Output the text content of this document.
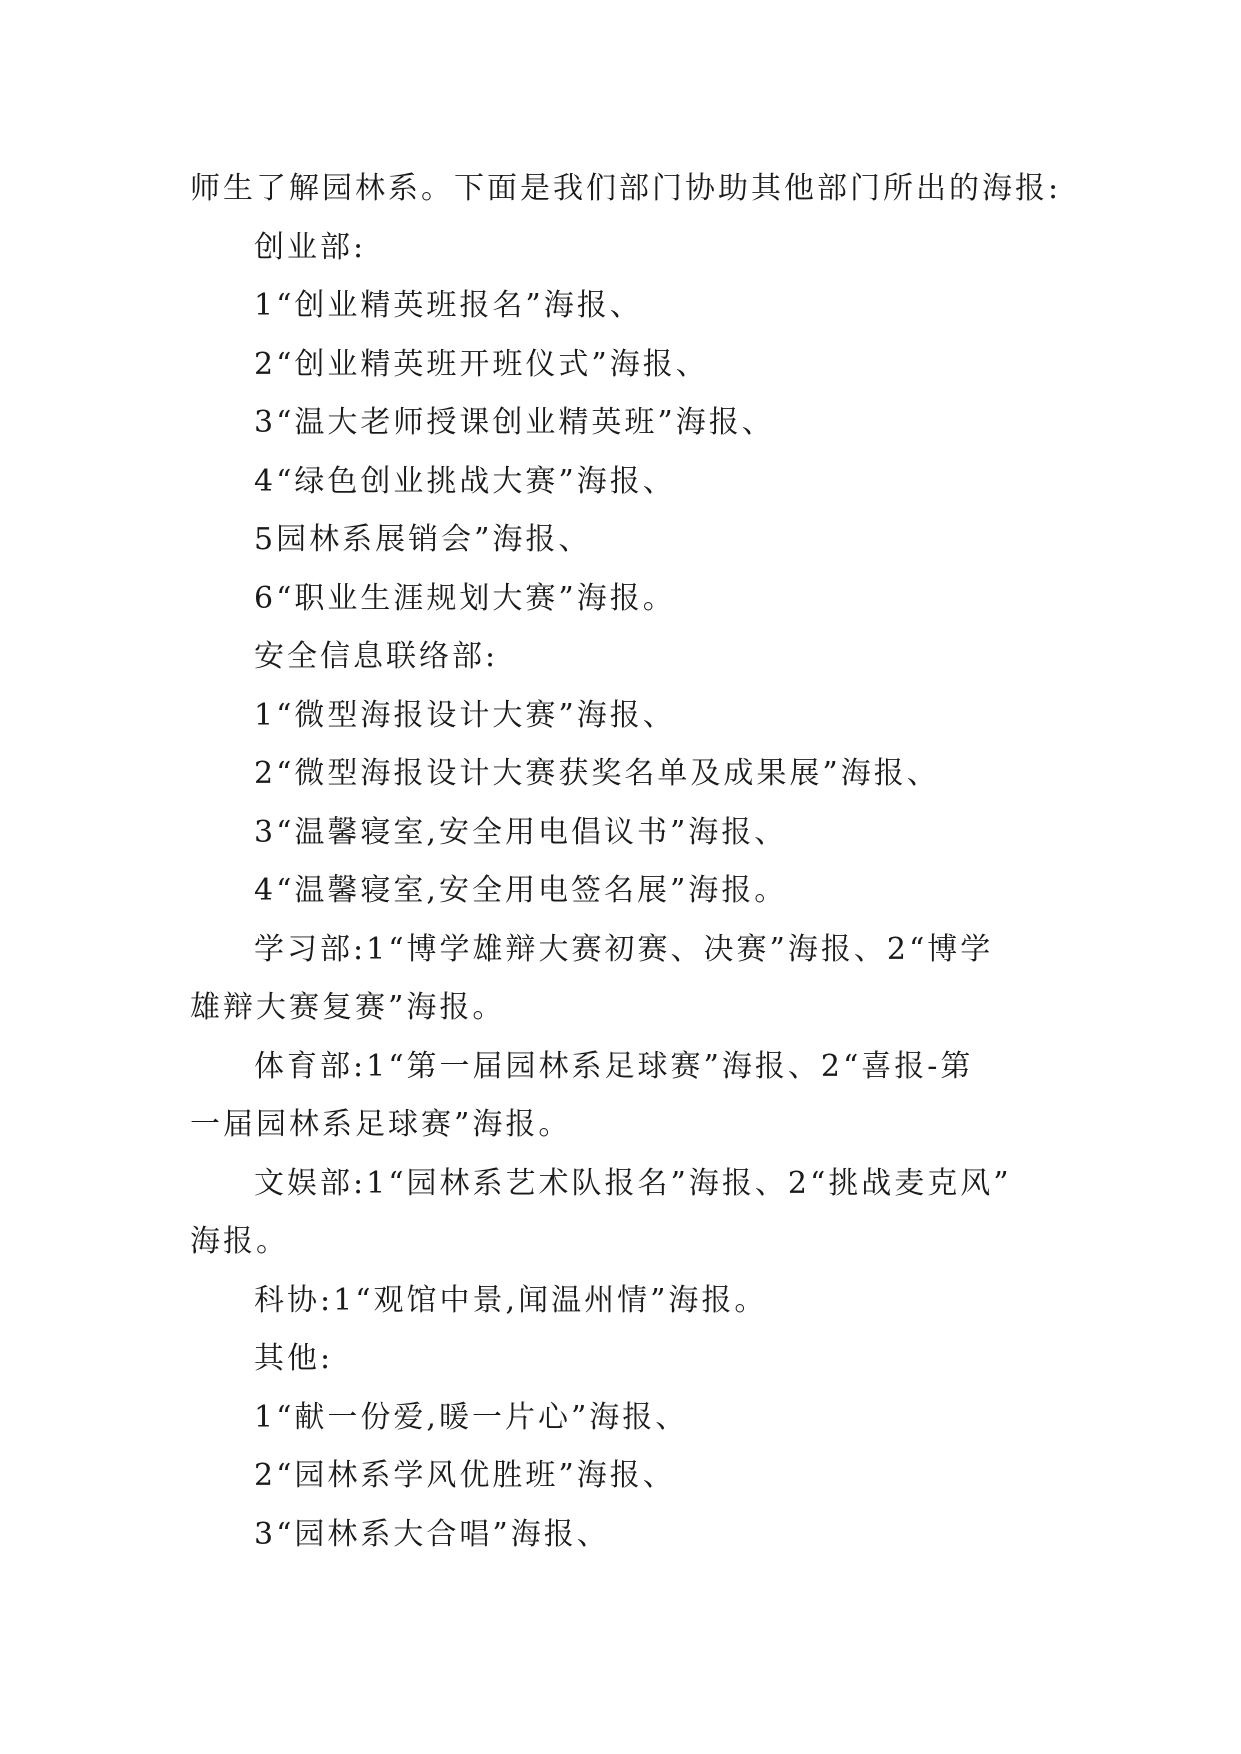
师生了解园林系。下面是我们部门协助其他部门所出的海报:
创业部:
1“创业精英班报名”海报、
2“创业精英班开班仪式”海报、
3“温大老师授课创业精英班”海报、
4“绿色创业挑战大赛”海报、
5园林系展销会”海报、
6“职业生涯规划大赛”海报。
安全信息联络部:
1“微型海报设计大赛”海报、
2“微型海报设计大赛获奖名单及成果展”海报、
3“温馨寝室,安全用电倡议书”海报、
4“温馨寝室,安全用电签名展”海报。
学习部:1“博学雄辩大赛初赛、决赛”海报、2“博学
雄辩大赛复赛”海报。
体育部:1“第一届园林系足球赛”海报、2“喜报-第
一届园林系足球赛”海报。
文娱部:1“园林系艺术队报名”海报、2“挑战麦克风”
海报。
科协:1“观馆中景,闻温州情”海报。
其他:
1“献一份爱,暖一片心”海报、
2“园林系学风优胜班”海报、
3“园林系大合唱”海报、
